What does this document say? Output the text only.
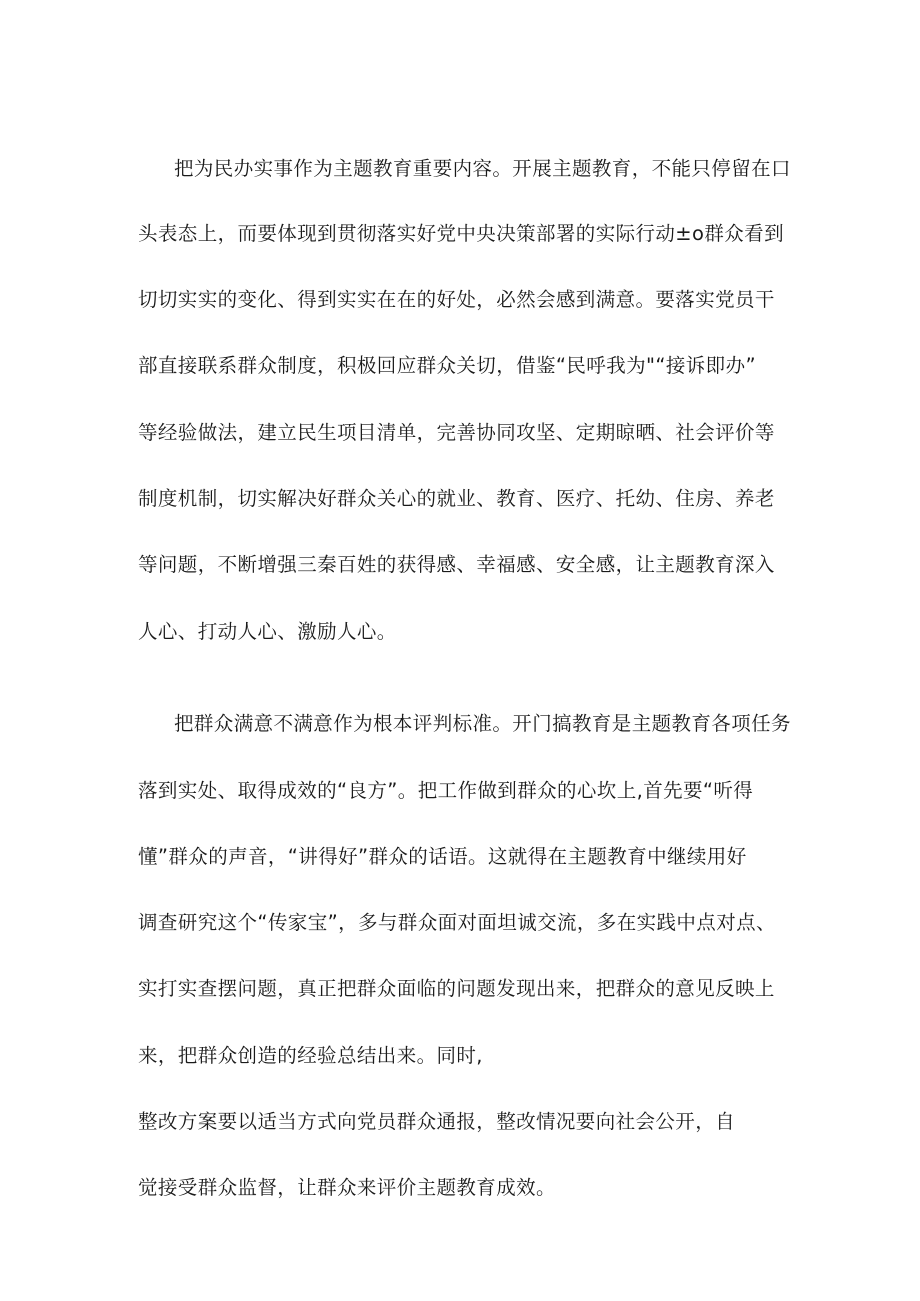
把为民办实事作为主题教育重要内容。开展主题教育，不能只停留在口
头表态上，而要体现到贯彻落实好党中央决策部署的实际行动±o群众看到
切切实实的变化、得到实实在在的好处，必然会感到满意。要落实党员干
部直接联系群众制度，积极回应群众关切，借鉴“民呼我为"“接诉即办”
等经验做法，建立民生项目清单，完善协同攻坚、定期晾晒、社会评价等
制度机制，切实解决好群众关心的就业、教育、医疗、托幼、住房、养老
等问题，不断增强三秦百姓的获得感、幸福感、安全感，让主题教育深入
人心、打动人心、激励人心。
把群众满意不满意作为根本评判标准。开门搞教育是主题教育各项任务
落到实处、取得成效的“良方”。把工作做到群众的心坎上,首先要“听得
懂”群众的声音，“讲得好”群众的话语。这就得在主题教育中继续用好
调查研究这个“传家宝”，多与群众面对面坦诚交流，多在实践中点对点、
实打实查摆问题，真正把群众面临的问题发现出来，把群众的意见反映上
来，把群众创造的经验总结出来。同时,
整改方案要以适当方式向党员群众通报，整改情况要向社会公开，自
觉接受群众监督，让群众来评价主题教育成效。
